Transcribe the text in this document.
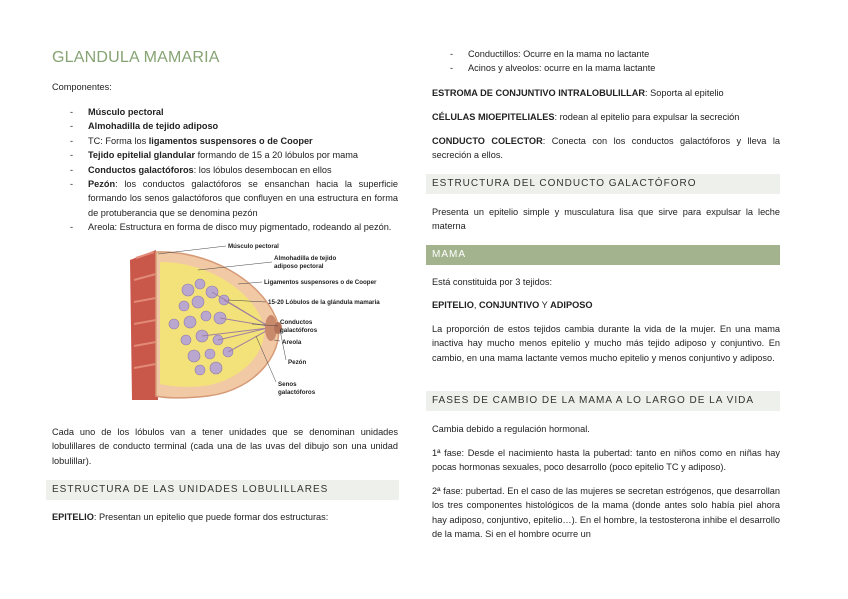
GLANDULA MAMARIA
Componentes:
- Músculo pectoral
- Almohadilla de tejido adiposo
- TC: Forma los ligamentos suspensores o de Cooper
- Tejido epitelial glandular formando de 15 a 20 lóbulos por mama
- Conductos galactóforos: los lóbulos desembocan en ellos
- Pezón: los conductos galactóforos se ensanchan hacia la superficie formando los senos galactóforos que confluyen en una estructura en forma de protuberancia que se denomina pezón
- Areola: Estructura en forma de disco muy pigmentado, rodeando al pezón.
Músculo pectoral
Almohadilla de tejido
adiposo pectoral
Ligamentos suspensores o de Cooper
15-20 Lóbulos de la glándula mamaria
Conductos
galactóforos
Areola
Pezón
Senos
galactóforos

Cada uno de los lóbulos van a tener unidades que se denominan unidades lobulillares de conducto terminal (cada una de las uvas del dibujo son una unidad lobulillar).

ESTRUCTURA DE LAS UNIDADES LOBULILLARES

EPITELIO: Presentan un epitelio que puede formar dos estructuras:

- Conductillos: Ocurre en la mama no lactante
- Acinos y alveolos: ocurre en la mama lactante

ESTROMA DE CONJUNTIVO INTRALOBULILLAR: Soporta al epitelio

CÉLULAS MIOEPITELIALES: rodean al epitelio para expulsar la secreción

CONDUCTO COLECTOR: Conecta con los conductos galactóforos y lleva la secreción a ellos.

ESTRUCTURA DEL CONDUCTO GALACTÓFORO

Presenta un epitelio simple y musculatura lisa que sirve para expulsar la leche materna

MAMA

Está constituida por 3 tejidos:

EPITELIO, CONJUNTIVO Y ADIPOSO

La proporción de estos tejidos cambia durante la vida de la mujer. En una mama inactiva hay mucho menos epitelio y mucho más tejido adiposo y conjuntivo. En cambio, en una mama lactante vemos mucho epitelio y menos conjuntivo y adiposo.

FASES DE CAMBIO DE LA MAMA A LO LARGO DE LA VIDA

Cambia debido a regulación hormonal.

1ª fase: Desde el nacimiento hasta la pubertad: tanto en niños como en niñas hay pocas hormonas sexuales, poco desarrollo (poco epitelio TC y adiposo).

2ª fase: pubertad. En el caso de las mujeres se secretan estrógenos, que desarrollan los tres componentes histológicos de la mama (donde antes solo había piel ahora hay adiposo, conjuntivo, epitelio…). En el hombre, la testosterona inhibe el desarrollo de la mama. Si en el hombre ocurre un
